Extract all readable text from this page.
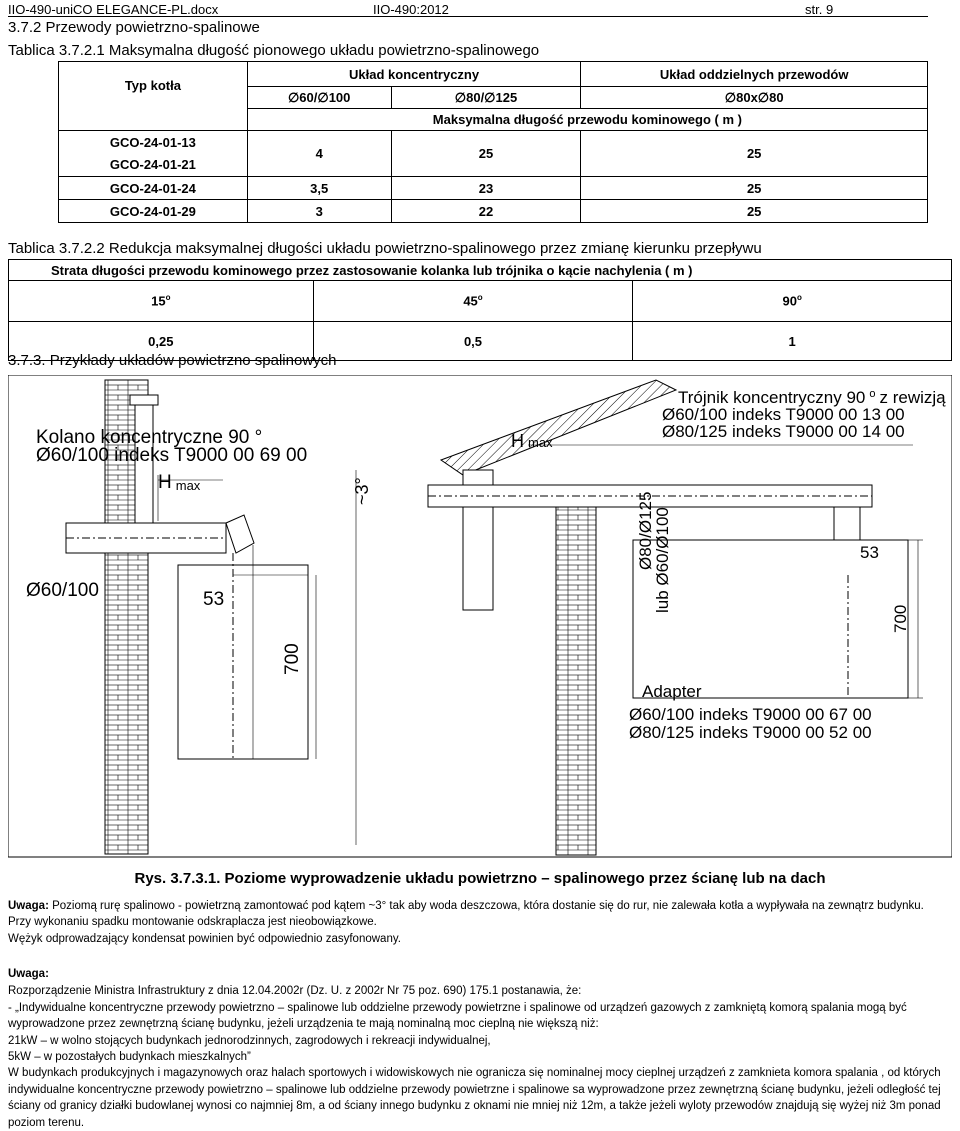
IIO-490-uniCO ELEGANCE-PL.docx	IIO-490:2012	str. 9
3.7.2 Przewody powietrzno-spalinowe
Tablica 3.7.2.1 Maksymalna długość pionowego układu powietrzno-spalinowego
Typ kotła	Układ koncentryczny		Układ oddzielnych przewodów
	∅60/∅100	∅80/∅125	∅80x∅80
	Maksymalna długość przewodu kominowego ( m )		

GCO-24-01-13
GCO-24-01-21	4	25	25
GCO-24-01-24	3,5	23	25
GCO-24-01-29	3	22	25
Tablica 3.7.2.2 Redukcja maksymalnej długości układu powietrzno-spalinowego przez zmianę kierunku przepływu
Strata długości przewodu kominowego przez zastosowanie kolanka lub trójnika o kącie nachylenia ( m )		
15$^o$	45$^o$	90$^o$
0,25	0,5	1
3.7.3. Przykłady układów powietrzno spalinowych
Kolano koncentryczne 90 °
Ø60/100 indeks T9000 00 69 00
H max
Ø60/100	53
700
~3°
Trójnik koncentryczny 90 $^o$ z rewizją
Ø60/100 indeks T9000 00 13 00
Ø80/125 indeks T9000 00 14 00
H max
Ø80/Ø125
lub Ø60/Ø100	53
700
Adapter
Ø60/100 indeks T9000 00 67 00
Ø80/125 indeks T9000 00 52 00
Rys. 3.7.3.1. Poziome wyprowadzenie układu powietrzno – spalinowego przez ścianę lub na dach

Uwaga: Poziomą rurę spalinowo - powietrzną zamontować pod kątem ~3° tak aby woda deszczowa, która dostanie się do rur, nie zalewała kotła a wypływała na zewnątrz budynku.

Przy wykonaniu spadku montowanie odskraplacza jest nieobowiązkowe.

Wężyk odprowadzający kondensat powinien być odpowiednio zasyfonowany.

Uwaga:

Rozporządzenie Ministra Infrastruktury z dnia 12.04.2002r (Dz. U. z 2002r Nr 75 poz. 690) 175.1 postanawia, że:

- „Indywidualne koncentryczne przewody powietrzno – spalinowe lub oddzielne przewody powietrzne i spalinowe od urządzeń gazowych z zamkniętą komorą spalania mogą być wyprowadzone przez zewnętrzną ścianę budynku, jeżeli urządzenia te mają nominalną moc cieplną nie większą niż:

21kW – w wolno stojących budynkach jednorodzinnych, zagrodowych i rekreacji indywidualnej,

5kW – w pozostałych budynkach mieszkalnych”

W budynkach produkcyjnych i magazynowych oraz halach sportowych i widowiskowych nie ogranicza się nominalnej mocy cieplnej urządzeń z zamknieta komora spalania , od których indywidualne koncentryczne przewody powietrzno – spalinowe lub oddzielne przewody powietrzne i spalinowe sa wyprowadzone przez zewnętrzną ścianę budynku, jeżeli odległość tej ściany od granicy działki budowlanej wynosi co najmniej 8m, a od ściany innego budynku z oknami nie mniej niż 12m, a także jeżeli wyloty przewodów znajdują się wyżej niż 3m ponad poziom terenu.
